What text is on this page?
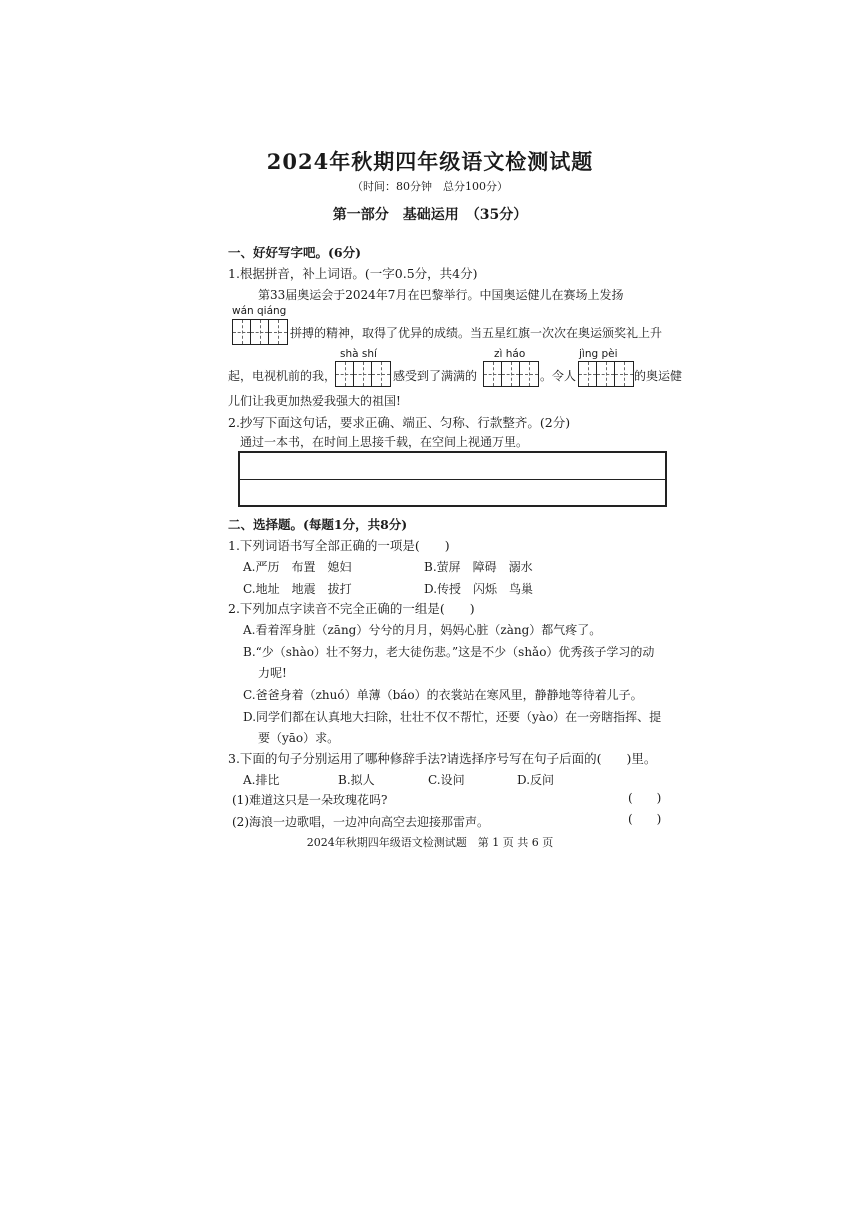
2024年秋期四年级语文检测试题
（时间：80分钟　总分100分）
第一部分　基础运用　（35分）
一、好好写字吧。(6分)
1.根据拼音，补上词语。(一字0.5分，共4分)
第33届奥运会于2024年7月在巴黎举行。中国奥运健儿在赛场上发扬
wán qiáng
拼搏的精神，取得了优异的成绩。当五星红旗一次次在奥运颁奖礼上升
shà shí	zì háo	jìng pèi
起，电视机前的我，	感受到了满满的	。令人	的奥运健
儿们让我更加热爱我强大的祖国!
2.抄写下面这句话，要求正确、端正、匀称、行款整齐。(2分)
通过一本书，在时间上思接千载，在空间上视通万里。
二、选择题。(每题1分，共8分)
1.下列词语书写全部正确的一项是(　　)
A.严历　布置　媳妇	B.萤屏　障碍　溺水
C.地址　地震　拔打	D.传授　闪烁　鸟巢
2.下列加点字读音不完全正确的一组是(　　)
A.看着浑身脏（zāng）兮兮的月月，妈妈心脏（zàng）都气疼了。
B.“少（shào）壮不努力，老大徒伤悲。”这是不少（shǎo）优秀孩子学习的动
力呢!
C.爸爸身着（zhuó）单薄（báo）的衣裳站在寒风里，静静地等待着儿子。
D.同学们都在认真地大扫除，壮壮不仅不帮忙，还要（yào）在一旁瞎指挥、提
要（yāo）求。
3.下面的句子分别运用了哪种修辞手法?请选择序号写在句子后面的(　　)里。
A.排比	B.拟人	C.设问	D.反问
(1)难道这只是一朵玫瑰花吗?	(　　)
(2)海浪一边歌唱，一边冲向高空去迎接那雷声。	(　　)
2024年秋期四年级语文检测试题　第 1 页 共 6 页
